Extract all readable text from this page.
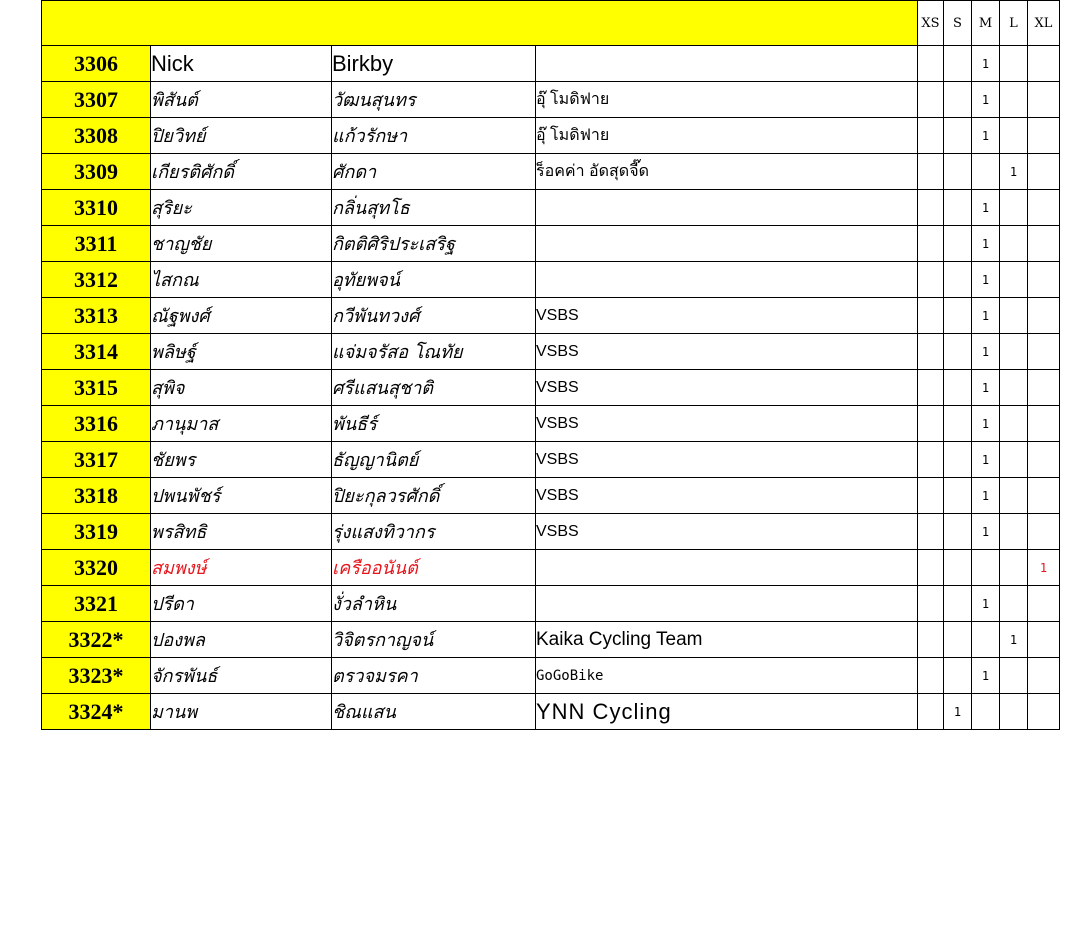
				XS	S	M	L	XL
3306	Nick	Birkby				1		
3307	พิสันต์	วัฒนสุนทร	อุ๊ โมดิฟาย			1		
3308	ปิยวิทย์	แก้วรักษา	อุ๊ โมดิฟาย			1		
3309	เกียรติศักดิ์	ศักดา	ร็อคค่า อัดสุดจี๊ด				1	
3310	สุริยะ	กลิ่นสุทโธ				1		
3311	ชาญชัย	กิตติศิริประเสริฐ				1		
3312	ไสกณ	อุทัยพจน์				1		
3313	ณัฐพงศ์	กวีพันทวงศ์	VSBS			1		
3314	พลิษฐ์	แจ่มจรัสอ โณทัย	VSBS			1		
3315	สุพิจ	ศรีแสนสุชาติ	VSBS			1		
3316	ภานุมาส	พันธีร์	VSBS			1		
3317	ชัยพร	ธัญญานิตย์	VSBS			1		
3318	ปพนพัชร์	ปิยะกุลวรศักดิ์	VSBS			1		
3319	พรสิทธิ	รุ่งแสงทิวากร	VSBS			1		
3320	สมพงษ์	เครืออนันต์						1
3321	ปรีดา	งั่วลำหิน				1		
3322*	ปองพล	วิจิตรกาญจน์	Kaika Cycling Team				1	
3323*	จักรพันธ์	ตรวจมรคา	GoGoBike			1		
3324*	มานพ	ชิณแสน	YNN Cycling		1			
